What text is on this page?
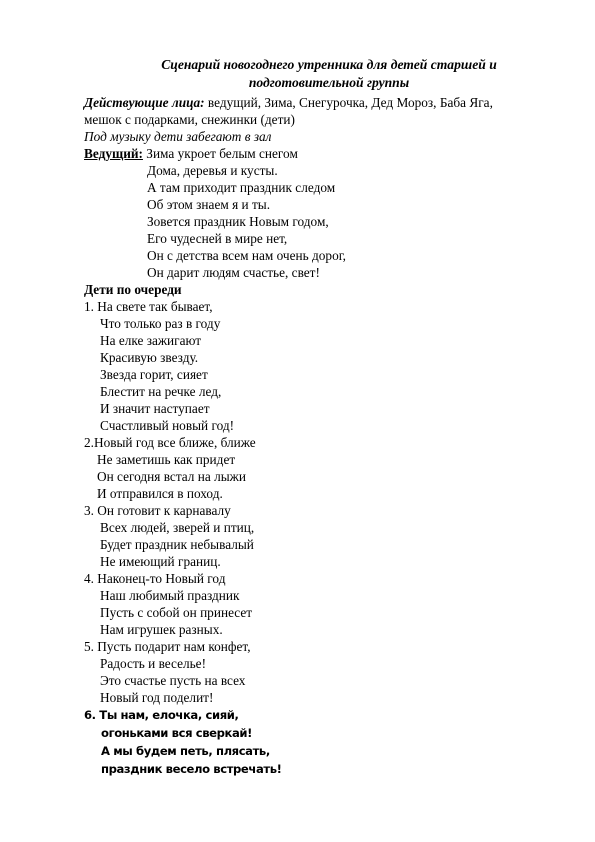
Сценарий новогоднего утренника для детей старшей и
подготовительной группы
Действующие лица: ведущий, Зима, Снегурочка, Дед Мороз, Баба Яга,
мешок с подарками, снежинки (дети)
Под музыку дети забегают в зал
Ведущий: Зима укроет белым снегом
Дома, деревья и кусты.
А там приходит праздник следом
Об этом знаем я и ты.
Зовется праздник Новым годом,
Его чудесней в мире нет,
Он с детства всем нам очень дорог,
Он дарит людям счастье, свет!
Дети по очереди
1. На свете так бывает,
Что только раз в году
На елке зажигают
Красивую звезду.
Звезда горит, сияет
Блестит на речке лед,
И значит наступает
Счастливый новый год!
2.Новый год все ближе, ближе
Не заметишь как придет
Он сегодня встал на лыжи
И отправился в поход.
3. Он готовит к карнавалу
Всех людей, зверей и птиц,
Будет праздник небывалый
Не имеющий границ.
4. Наконец-то Новый год
Наш любимый праздник
Пусть с собой он принесет
Нам игрушек разных.
5. Пусть подарит нам конфет,
Радость и веселье!
Это счастье пусть на всех
Новый год поделит!
6. Ты нам, елочка, сияй,
огоньками вся сверкай!
А мы будем петь, плясать,
праздник весело встречать!
